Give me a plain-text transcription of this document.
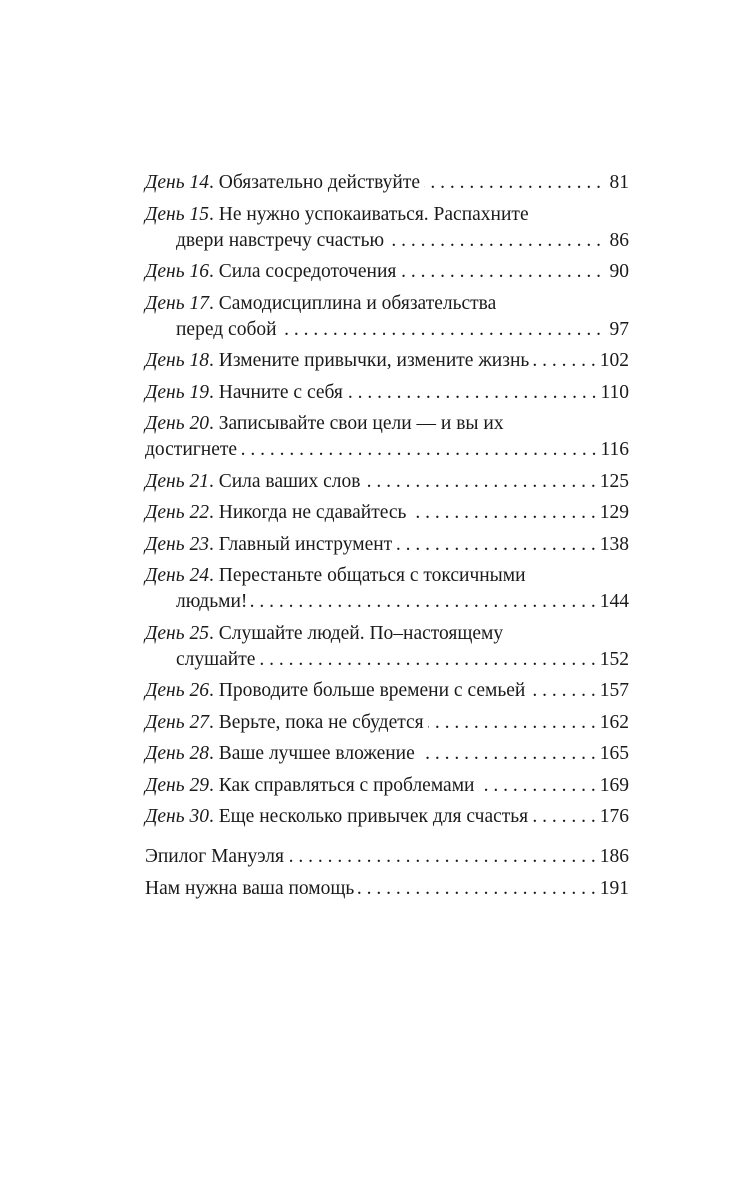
День 14 . Обязательно действуйте . . .	81
День 15 . Не нужно успокаиваться. Распахните
двери навстречу счастью . . .	86
День 16 . Сила сосредоточения . . .	90
День 17 . Самодисциплина и обязательства
перед собой . . .	97
День 18 . Измените привычки, измените жизнь . . .	102
День 19 . Начните с себя . . .	110
День 20 . Записывайте свои цели — и вы их
достигнете . . .	116
День 21 . Сила ваших слов . . .	125
День 22 . Никогда не сдавайтесь . . .	129
День 23 . Главный инструмент . . .	138
День 24 . Перестаньте общаться с токсичными
людьми! . . .	144
День 25 . Слушайте людей. По–настоящему
слушайте . . .	152
День 26 . Проводите больше времени с семьей . . .	157
День 27 . Верьте, пока не сбудется . . .	162
День 28 . Ваше лучшее вложение . . .	165
День 29 . Как справляться с проблемами . . .	169
День 30 . Еще несколько привычек для счастья . . .	176
Эпилог Мануэля . . .	186
Нам нужна ваша помощь . . .	191
